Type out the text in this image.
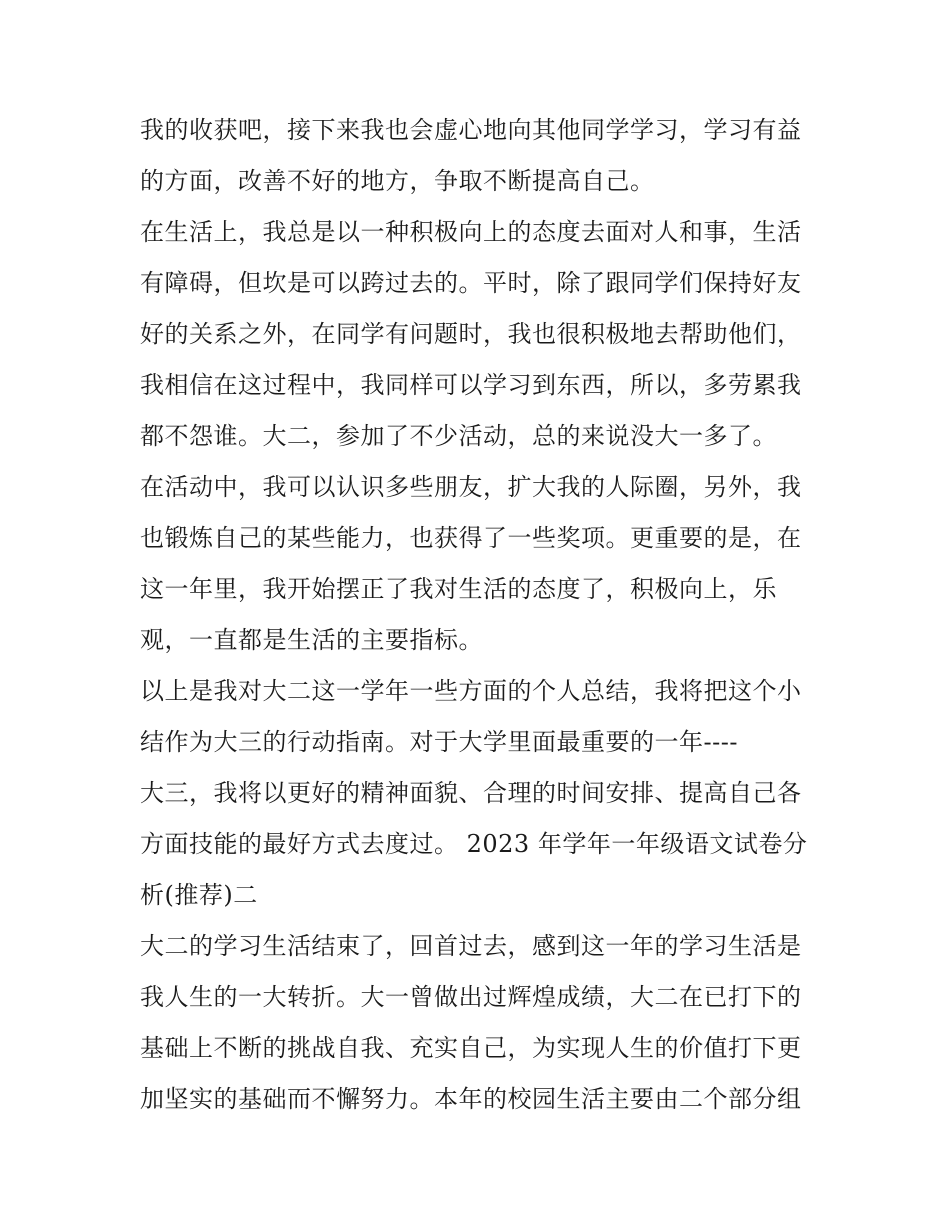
我的收获吧，接下来我也会虚心地向其他同学学习，学习有益
的方面，改善不好的地方，争取不断提高自己。
在生活上，我总是以一种积极向上的态度去面对人和事，生活
有障碍，但坎是可以跨过去的。平时，除了跟同学们保持好友
好的关系之外，在同学有问题时，我也很积极地去帮助他们，
我相信在这过程中，我同样可以学习到东西，所以，多劳累我
都不怨谁。大二，参加了不少活动，总的来说没大一多了。
在活动中，我可以认识多些朋友，扩大我的人际圈，另外，我
也锻炼自己的某些能力，也获得了一些奖项。更重要的是，在
这一年里，我开始摆正了我对生活的态度了，积极向上，乐
观，一直都是生活的主要指标。
以上是我对大二这一学年一些方面的个人总结，我将把这个小
结作为大三的行动指南。对于大学里面最重要的一年----
大三，我将以更好的精神面貌、合理的时间安排、提高自己各
方面技能的最好方式去度过。 2023 年学年一年级语文试卷分
析(推荐)二
大二的学习生活结束了，回首过去，感到这一年的学习生活是
我人生的一大转折。大一曾做出过辉煌成绩，大二在已打下的
基础上不断的挑战自我、充实自己，为实现人生的价值打下更
加坚实的基础而不懈努力。本年的校园生活主要由二个部分组
